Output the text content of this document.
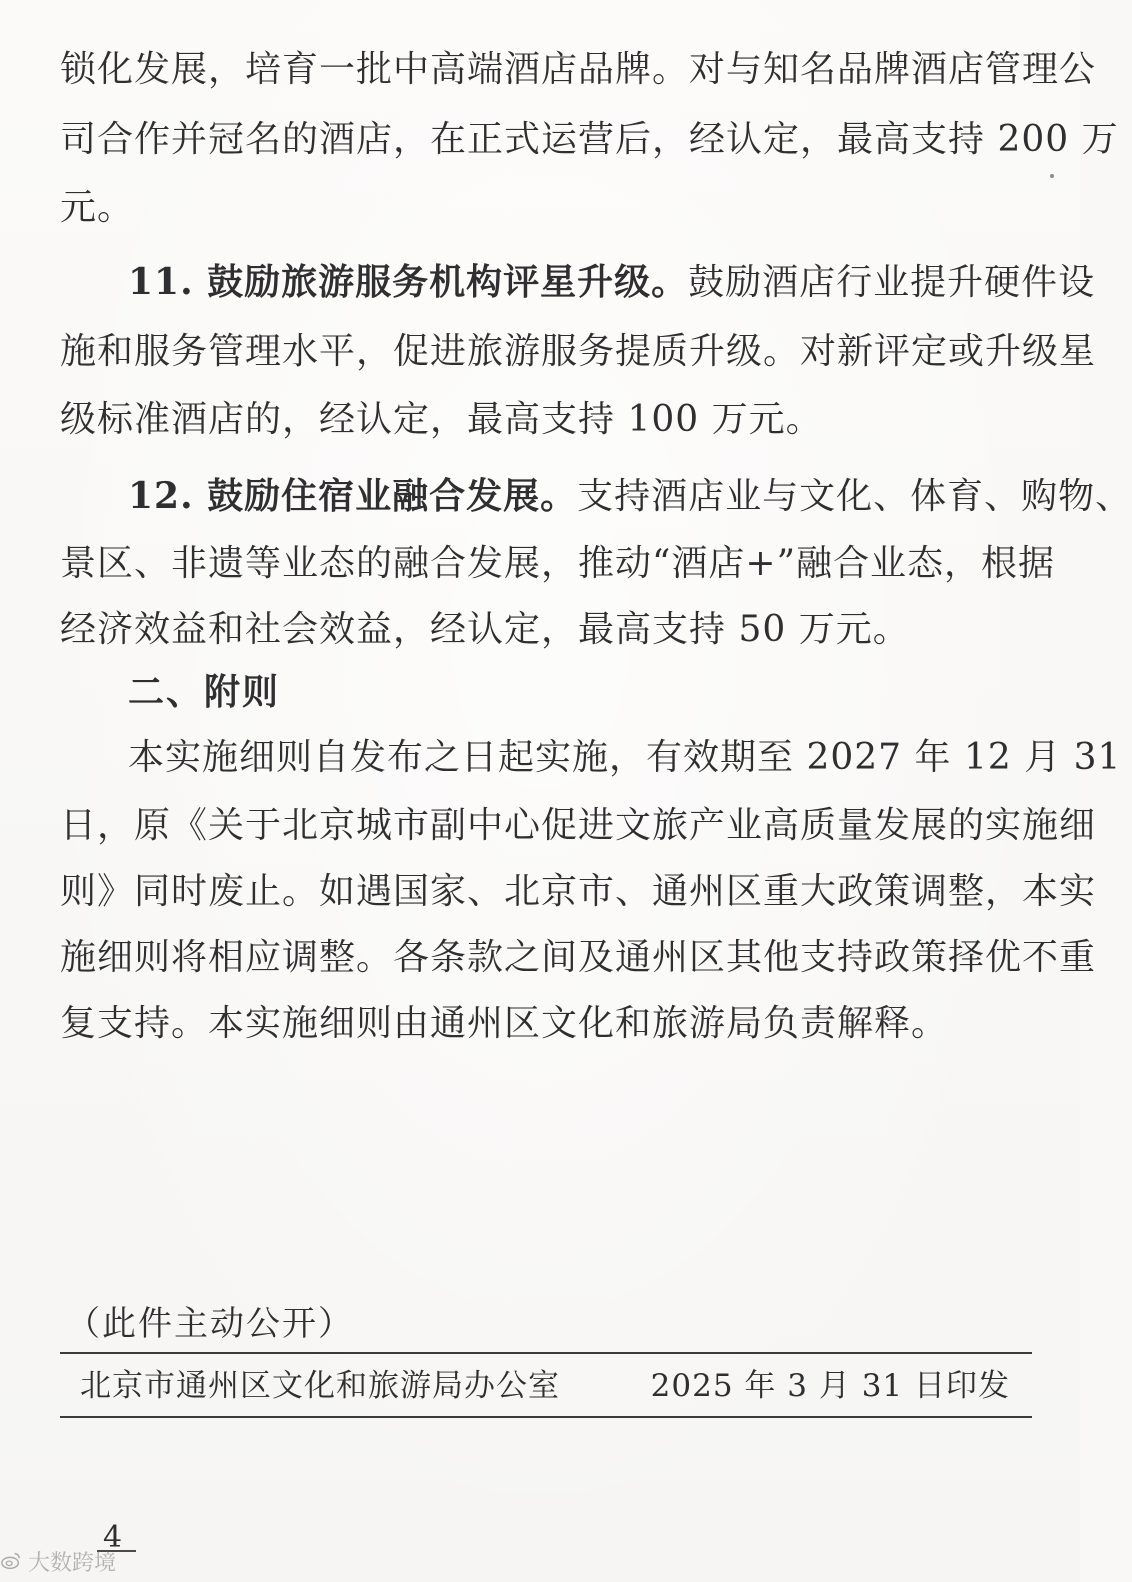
锁化发展，培育一批中高端酒店品牌。对与知名品牌酒店管理公
司合作并冠名的酒店，在正式运营后，经认定，最高支持 200 万
元。
11. 鼓励旅游服务机构评星升级。鼓励酒店行业提升硬件设
施和服务管理水平，促进旅游服务提质升级。对新评定或升级星
级标准酒店的，经认定，最高支持 100 万元。
12. 鼓励住宿业融合发展。支持酒店业与文化、体育、购物、
景区、非遗等业态的融合发展，推动“酒店+”融合业态，根据
经济效益和社会效益，经认定，最高支持 50 万元。
二、附则
本实施细则自发布之日起实施，有效期至 2027 年 12 月 31
日，原《关于北京城市副中心促进文旅产业高质量发展的实施细
则》同时废止。如遇国家、北京市、通州区重大政策调整，本实
施细则将相应调整。各条款之间及通州区其他支持政策择优不重
复支持。本实施细则由通州区文化和旅游局负责解释。
（此件主动公开）
北京市通州区文化和旅游局办公室	2025 年 3 月 31 日印发
4
大数跨境
